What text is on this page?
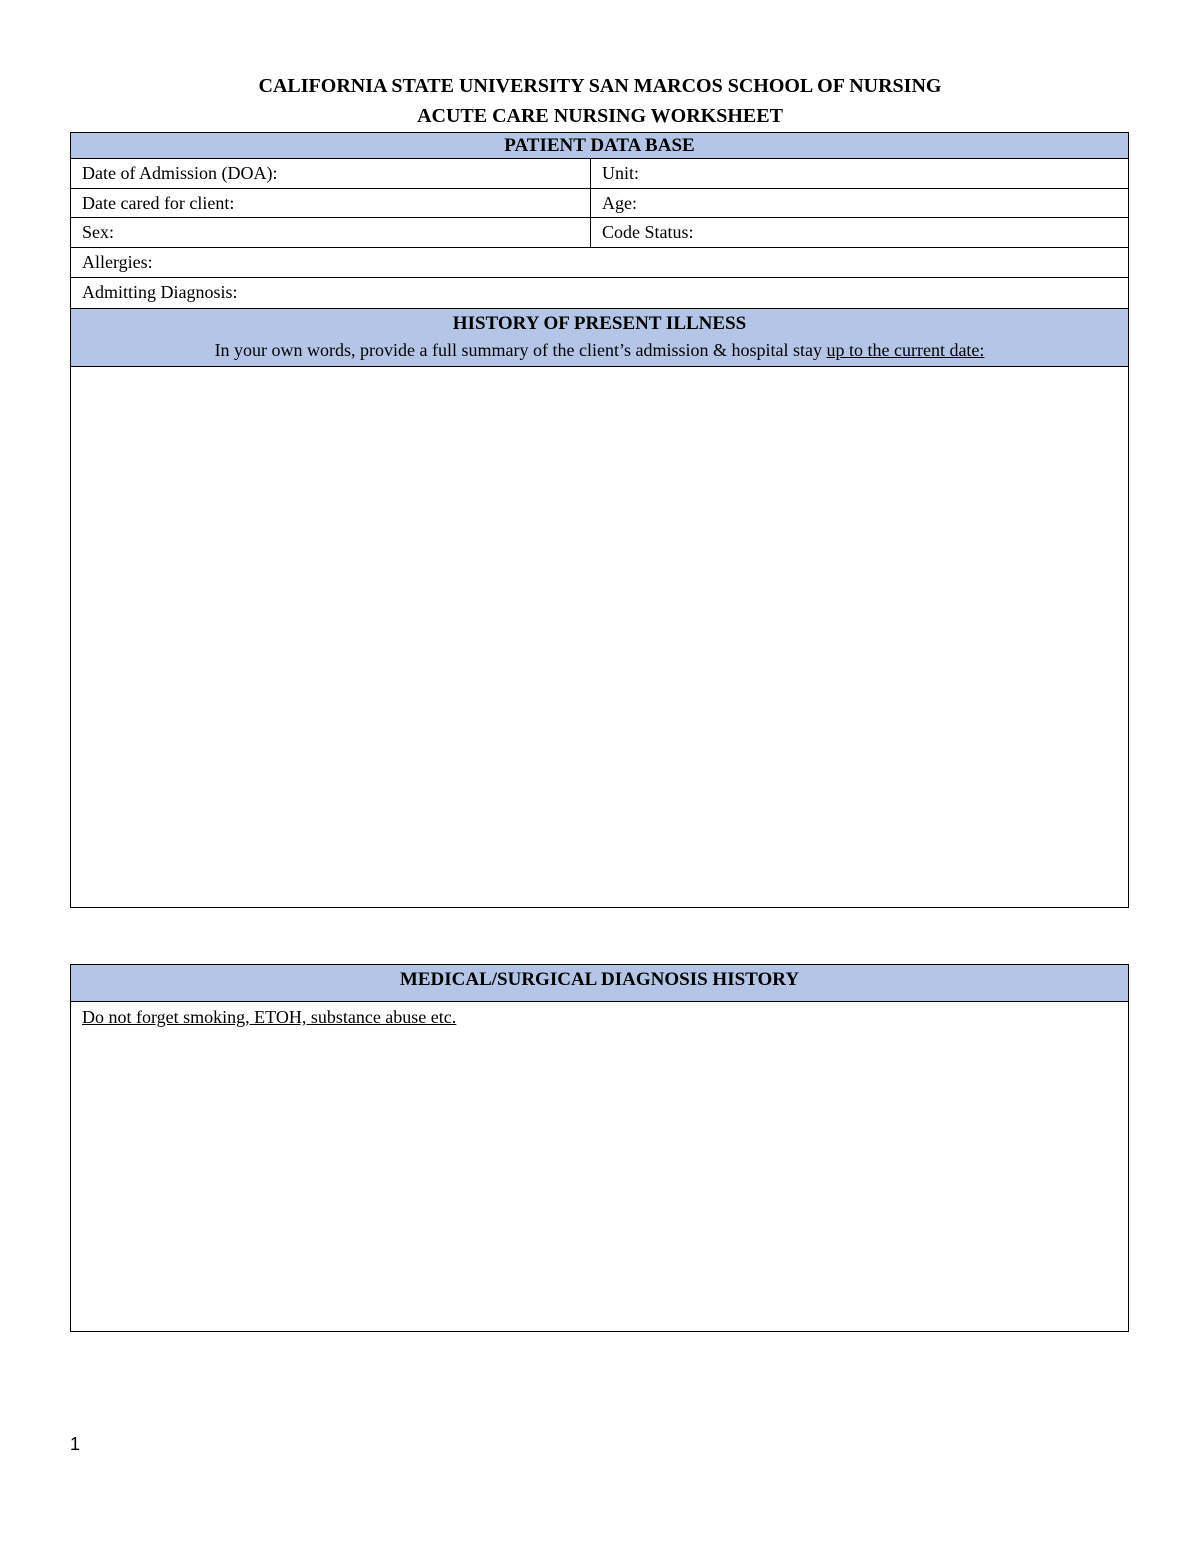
CALIFORNIA STATE UNIVERSITY SAN MARCOS SCHOOL OF NURSING
ACUTE CARE NURSING WORKSHEET
PATIENT DATA BASE
Date of Admission (DOA):	Unit:
Date cared for client:	Age:
Sex:	Code Status:
Allergies:
Admitting Diagnosis:
HISTORY OF PRESENT ILLNESS
In your own words, provide a full summary of the client’s admission & hospital stay up to the current date:
MEDICAL/SURGICAL DIAGNOSIS HISTORY
Do not forget smoking, ETOH, substance abuse etc.
1
